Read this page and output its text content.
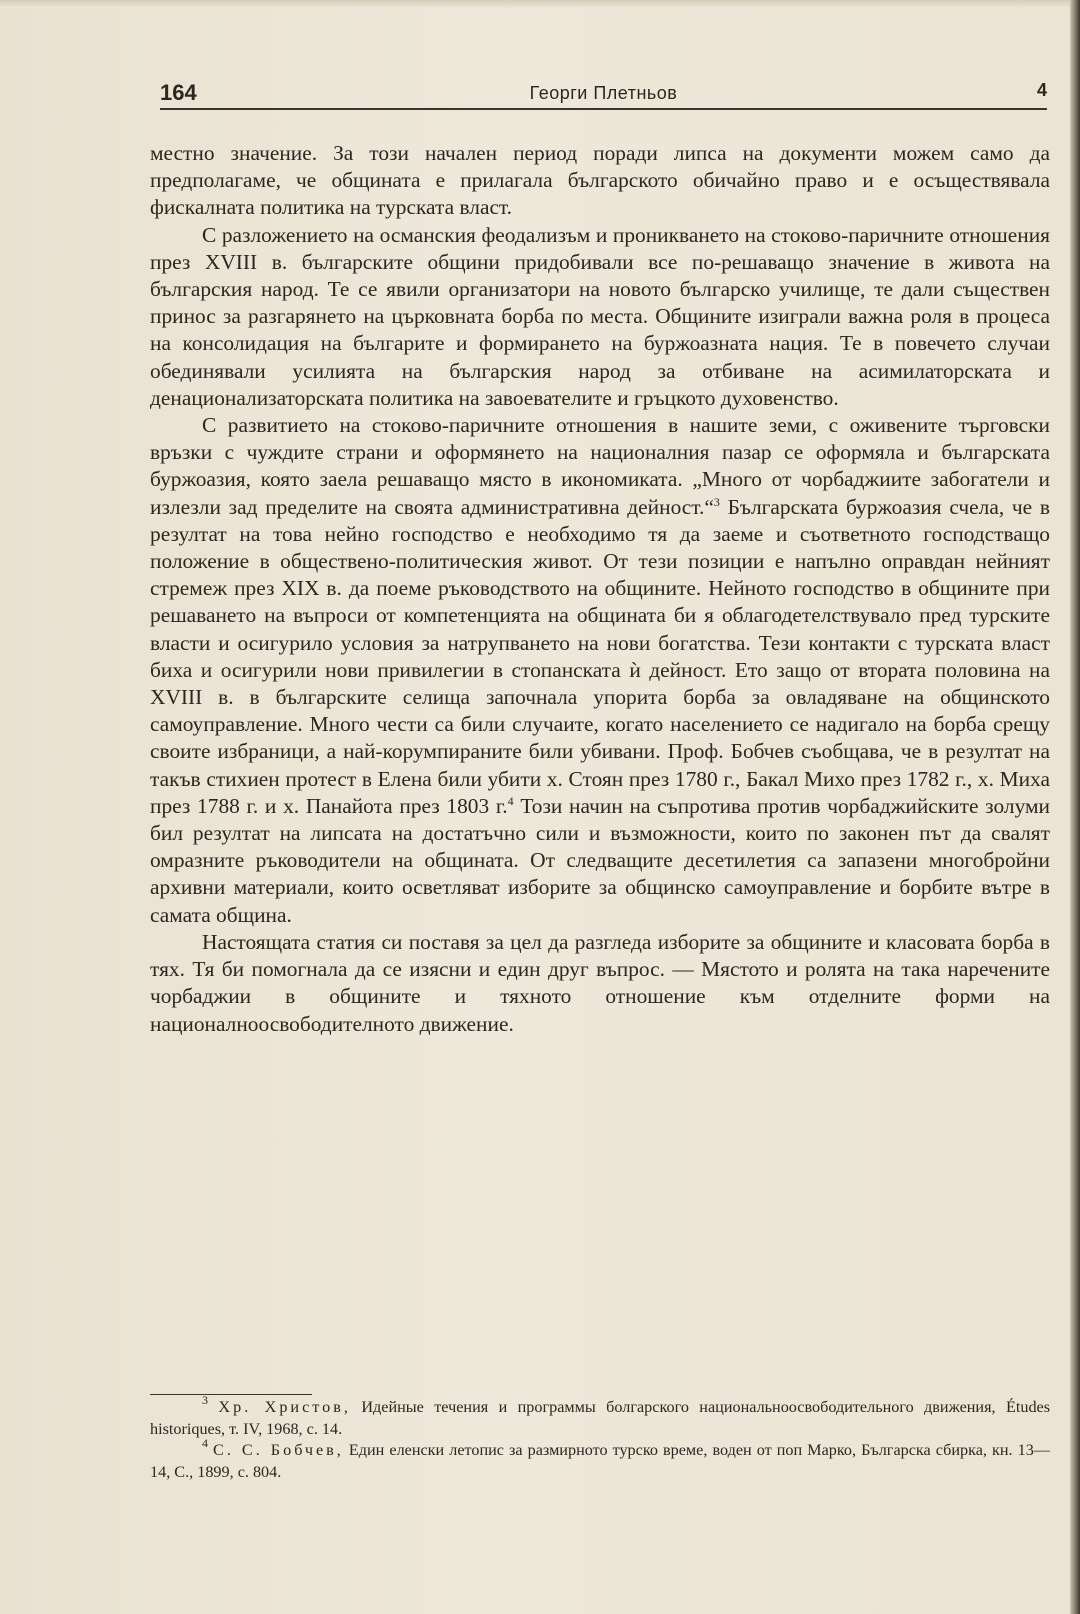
164	Георги Плетньов	4

местно значение. За този начален период поради липса на документи можем само да предполагаме, че общината е прилагала българското обичайно право и е осъществявала фискалната политика на турската власт.

С разложението на османския феодализъм и проникването на стоково-паричните отношения през XVIII в. българските общини придобивали все по-решаващо значение в живота на българския народ. Те се явили организатори на новото българско училище, те дали съществен принос за разгарянето на църковната борба по места. Общините изиграли важна роля в процеса на консолидация на българите и формирането на буржоазната нация. Те в повечето случаи обединявали усилията на българския народ за отбиване на асимилаторската и денационализаторската политика на завоевателите и гръцкото духовенство.

С развитието на стоково-паричните отношения в нашите земи, с оживените търговски връзки с чуждите страни и оформянето на националния пазар се оформяла и българската буржоазия, която заела решаващо място в икономиката. „Много от чорбаджиите забогатели и излезли зад пределите на своята административна дейност.“$^3$ Българската буржоазия счела, че в резултат на това нейно господство е необходимо тя да заеме и съответното господстващо положение в обществено-политическия живот. От тези позиции е напълно оправдан нейният стремеж през XIX в. да поеме ръководството на общините. Нейното господство в общините при решаването на въпроси от компетенцията на общината би я облагодетелствувало пред турските власти и осигурило условия за натрупването на нови богатства. Тези контакти с турската власт биха и осигурили нови привилегии в стопанската ѝ дейност. Ето защо от втората половина на XVIII в. в българските селища започнала упорита борба за овладяване на общинското самоуправление. Много чести са били случаите, когато населението се надигало на борба срещу своите избраници, а най-корумпираните били убивани. Проф. Бобчев съобщава, че в резултат на такъв стихиен протест в Елена били убити х. Стоян през 1780 г., Бакал Михо през 1782 г., х. Миха през 1788 г. и х. Панайота през 1803 г.$^4$ Този начин на съпротива против чорбаджийските золуми бил резултат на липсата на достатъчно сили и възможности, които по законен път да свалят омразните ръководители на общината. От следващите десетилетия са запазени многобройни архивни материали, които осветляват изборите за общинско самоуправление и борбите вътре в самата община.

Настоящата статия си поставя за цел да разгледа изборите за общините и класовата борба в тях. Тя би помогнала да се изясни и един друг въпрос. — Мястото и ролята на така наречените чорбаджии в общините и тяхното отношение към отделните форми на националноосвободителното движение.

$^3$ Хр. Христов, Идейные течения и программы болгарского национальноосвободительного движения, Études historiques, т. IV, 1968, с. 14.

$^4$ С. С. Бобчев, Един еленски летопис за размирното турско време, воден от поп Марко, Българска сбирка, кн. 13—14, С., 1899, с. 804.
